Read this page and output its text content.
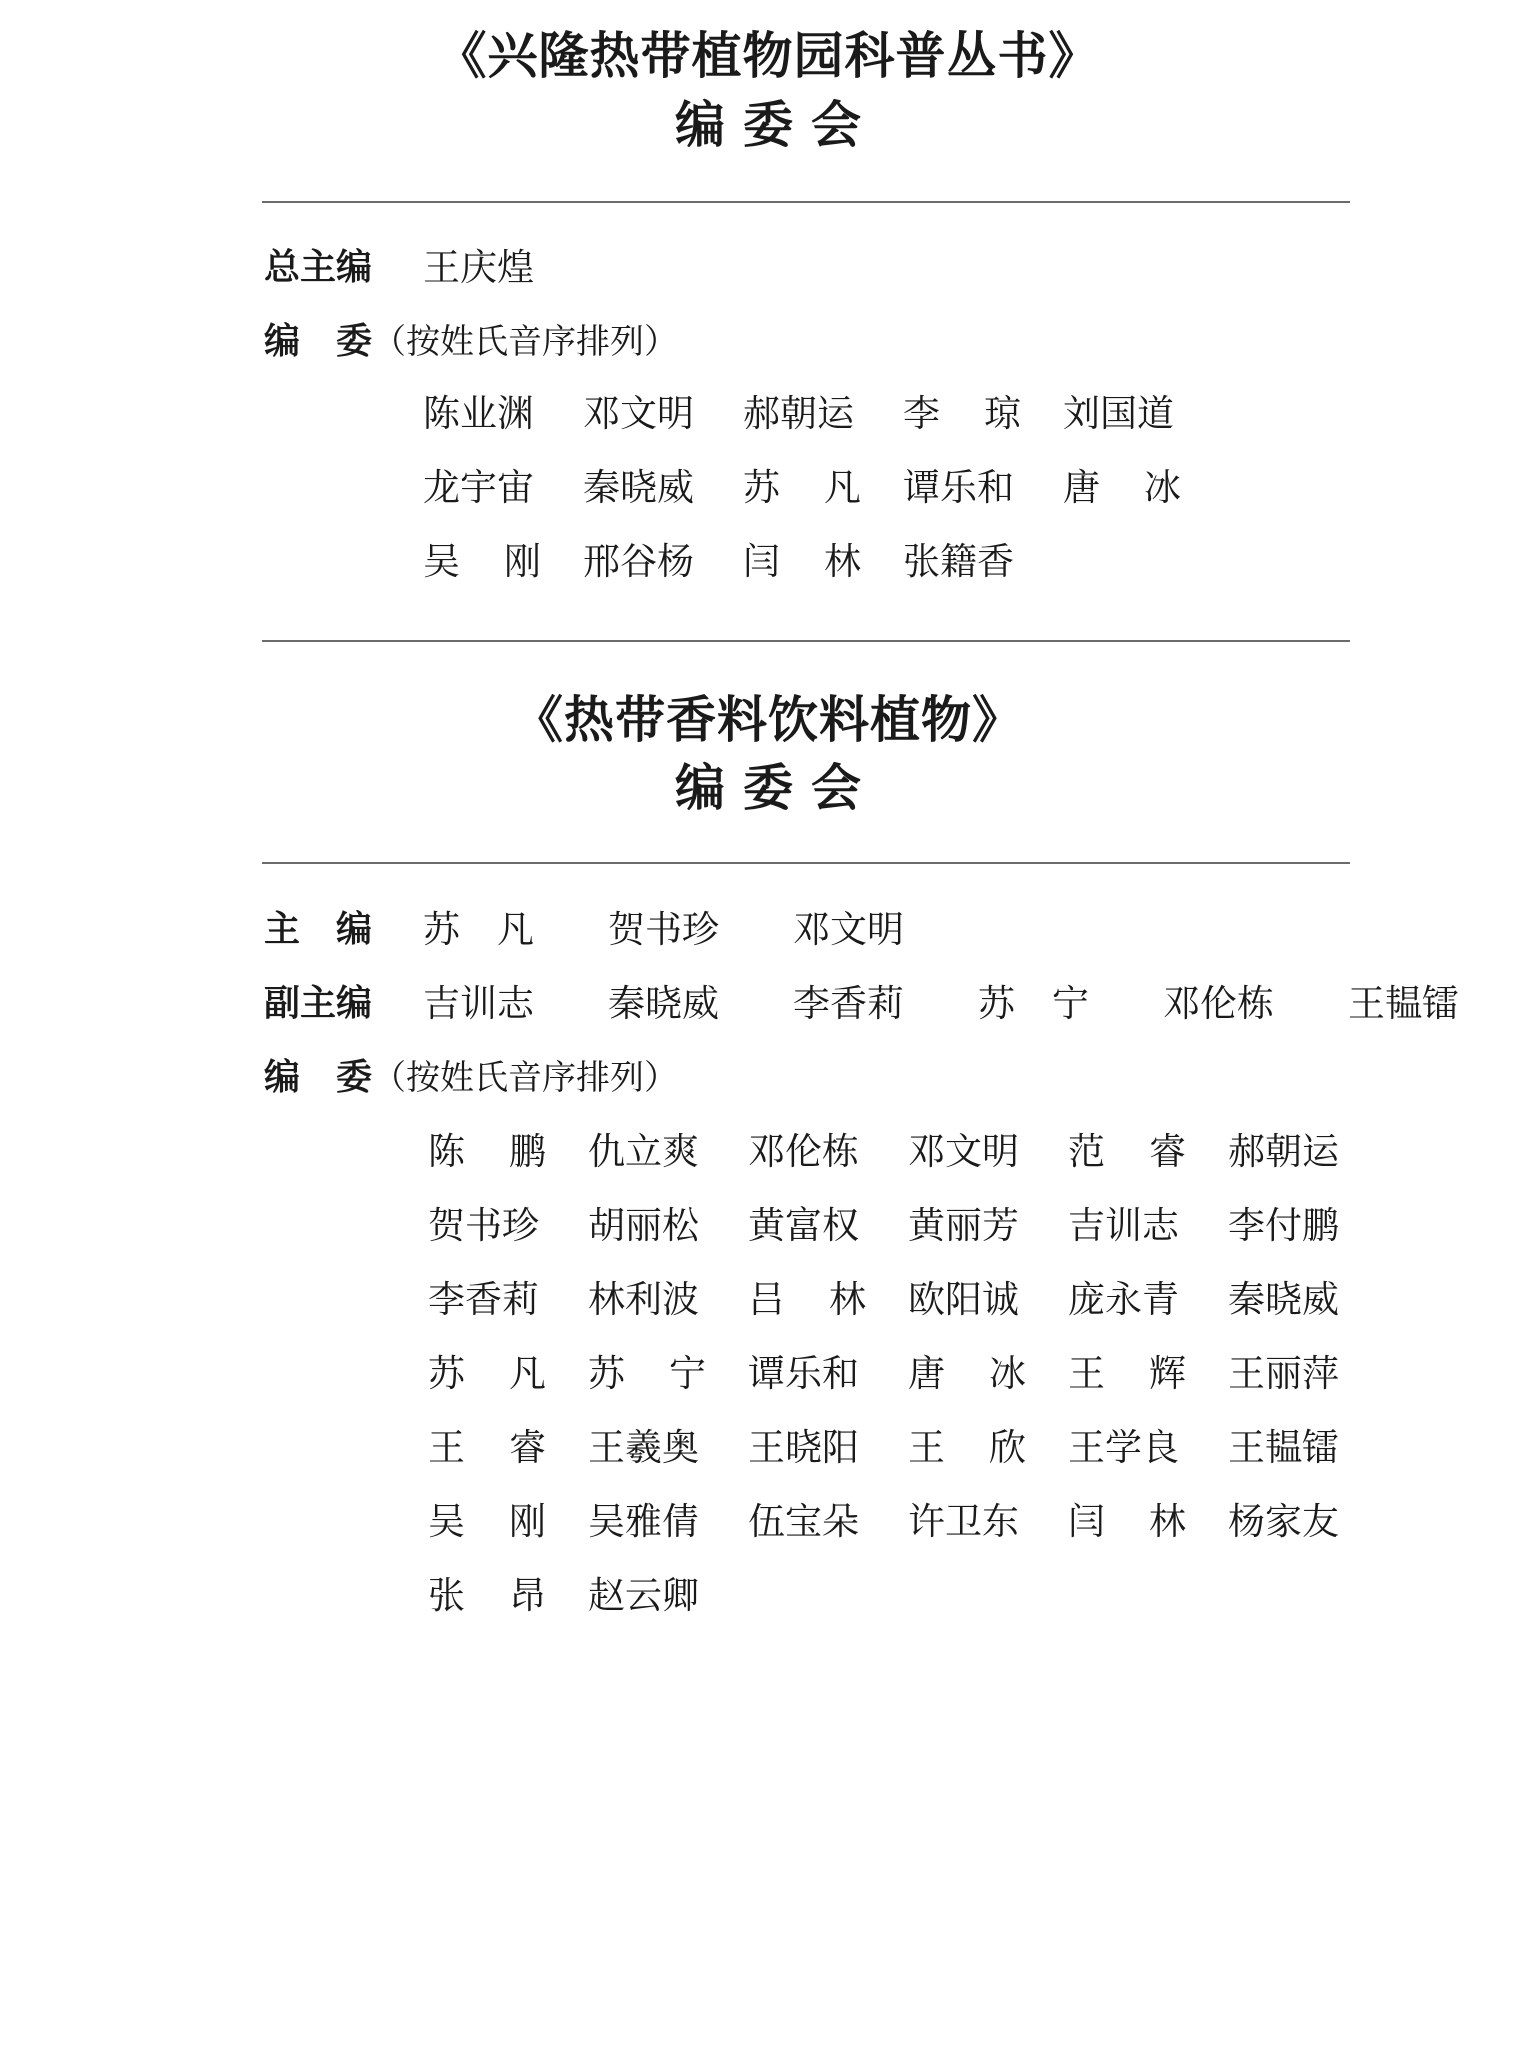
《兴隆热带植物园科普丛书》
编委会
总主编 王庆煌
编　委（按姓氏音序排列）
陈业渊	邓文明	郝朝运	李　琼 刘国道
龙宇宙	秦晓威	苏　凡 谭乐和	唐　冰
吴　刚 邢谷杨	闫　林 张籍香
《热带香料饮料植物》
编委会
主　编 苏　凡　　贺书珍　　邓文明
副主编 吉训志　　秦晓威　　李香莉　　苏　宁　　邓伦栋　　王韫镭
编　委（按姓氏音序排列）
陈　鹏 仇立爽	邓伦栋	邓文明	范　睿 郝朝运
贺书珍	胡丽松	黄富权	黄丽芳	吉训志	李付鹏
李香莉	林利波	吕　林 欧阳诚	庞永青	秦晓威
苏　凡 苏　宁 谭乐和	唐　冰 王　辉 王丽萍
王　睿 王羲奥	王晓阳	王　欣 王学良	王韫镭
吴　刚 吴雅倩	伍宝朵	许卫东	闫　林 杨家友
张　昂 赵云卿
